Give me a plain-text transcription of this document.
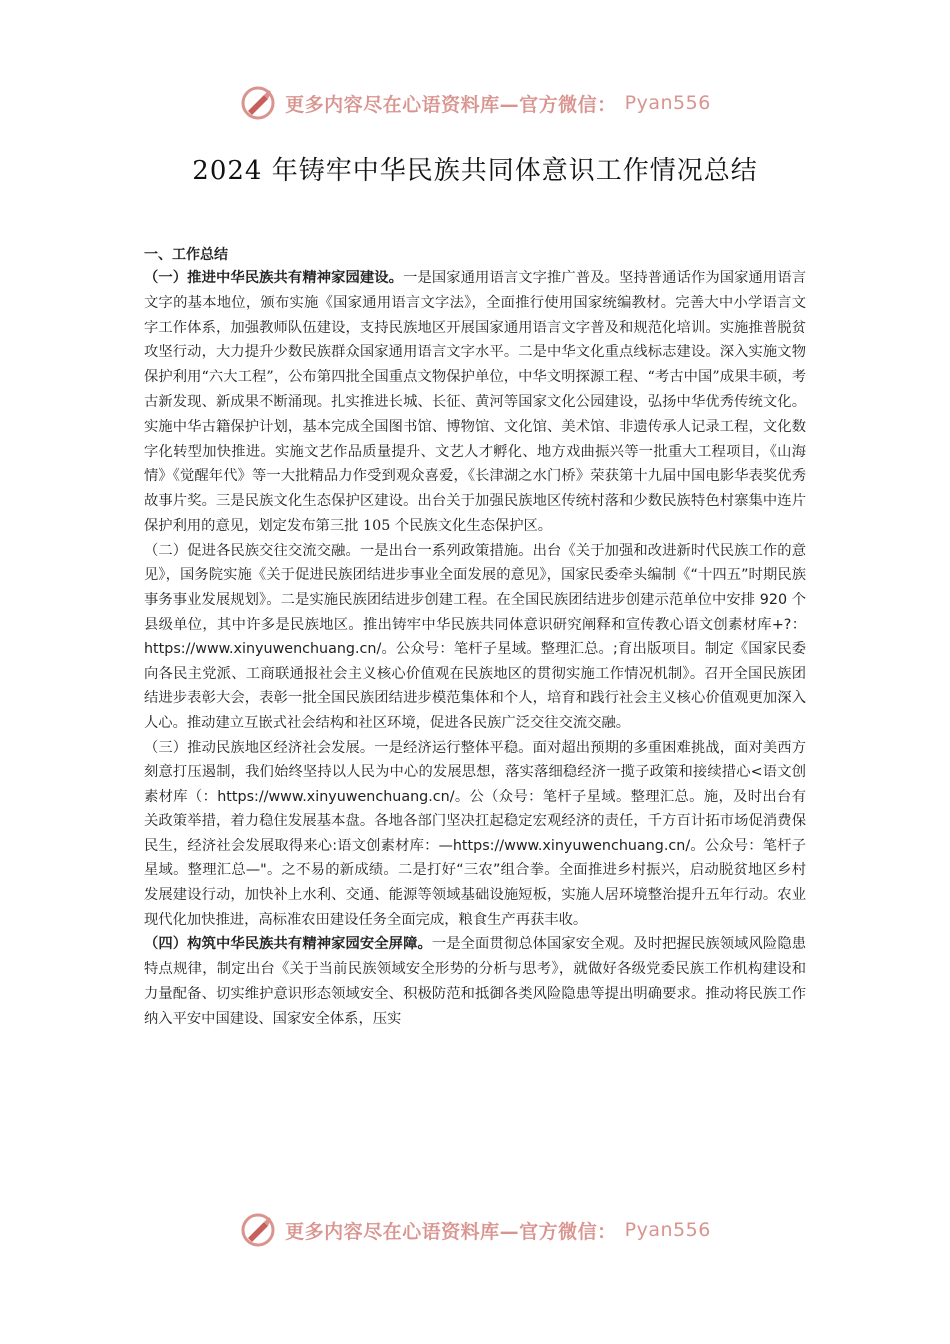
更多内容尽在心语资料库—官方微信： Pyan556
2024 年铸牢中华民族共同体意识工作情况总结
一、工作总结

（一）推进中华民族共有精神家园建设。一是国家通用语言文字推广普及。坚持普通话作为国家通用语言文字的基本地位，颁布实施《国家通用语言文字法》，全面推行使用国家统编教材。完善大中小学语言文字工作体系，加强教师队伍建设，支持民族地区开展国家通用语言文字普及和规范化培训。实施推普脱贫攻坚行动，大力提升少数民族群众国家通用语言文字水平。二是中华文化重点线标志建设。深入实施文物保护利用“六大工程”，公布第四批全国重点文物保护单位，中华文明探源工程、“考古中国”成果丰硕，考古新发现、新成果不断涌现。扎实推进长城、长征、黄河等国家文化公园建设，弘扬中华优秀传统文化。实施中华古籍保护计划，基本完成全国图书馆、博物馆、文化馆、美术馆、非遗传承人记录工程，文化数字化转型加快推进。实施文艺作品质量提升、文艺人才孵化、地方戏曲振兴等一批重大工程项目，《山海情》《觉醒年代》等一大批精品力作受到观众喜爱，《长津湖之水门桥》荣获第十九届中国电影华表奖优秀故事片奖。三是民族文化生态保护区建设。出台关于加强民族地区传统村落和少数民族特色村寨集中连片保护利用的意见，划定发布第三批 105 个民族文化生态保护区。

（二）促进各民族交往交流交融。一是出台一系列政策措施。出台《关于加强和改进新时代民族工作的意见》，国务院实施《关于促进民族团结进步事业全面发展的意见》，国家民委牵头编制《“十四五”时期民族事务事业发展规划》。二是实施民族团结进步创建工程。在全国民族团结进步创建示范单位中安排 920 个县级单位，其中许多是民族地区。推出铸牢中华民族共同体意识研究阐释和宣传教心语文创素材库+?：https://www.xinyuwenchuang.cn/。公众号：笔杆子星域。整理汇总。;育出版项目。制定《国家民委向各民主党派、工商联通报社会主义核心价值观在民族地区的贯彻实施工作情况机制》。召开全国民族团结进步表彰大会，表彰一批全国民族团结进步模范集体和个人，培育和践行社会主义核心价值观更加深入人心。推动建立互嵌式社会结构和社区环境，促进各民族广泛交往交流交融。

（三）推动民族地区经济社会发展。一是经济运行整体平稳。面对超出预期的多重困难挑战，面对美西方刻意打压遏制，我们始终坚持以人民为中心的发展思想，落实落细稳经济一揽子政策和接续措心<语文创素材库（：https://www.xinyuwenchuang.cn/。公（众号：笔杆子星域。整理汇总。施，及时出台有关政策举措，着力稳住发展基本盘。各地各部门坚决扛起稳定宏观经济的责任，千方百计拓市场促消费保民生，经济社会发展取得来心:语文创素材库：—https://www.xinyuwenchuang.cn/。公众号：笔杆子星域。整理汇总—"。之不易的新成绩。二是打好“三农”组合拳。全面推进乡村振兴，启动脱贫地区乡村发展建设行动，加快补上水利、交通、能源等领域基础设施短板，实施人居环境整治提升五年行动。农业现代化加快推进，高标准农田建设任务全面完成，粮食生产再获丰收。

（四）构筑中华民族共有精神家园安全屏障。一是全面贯彻总体国家安全观。及时把握民族领域风险隐患特点规律，制定出台《关于当前民族领域安全形势的分析与思考》，就做好各级党委民族工作机构建设和力量配备、切实维护意识形态领域安全、积极防范和抵御各类风险隐患等提出明确要求。推动将民族工作纳入平安中国建设、国家安全体系，压实

更多内容尽在心语资料库—官方微信： Pyan556
